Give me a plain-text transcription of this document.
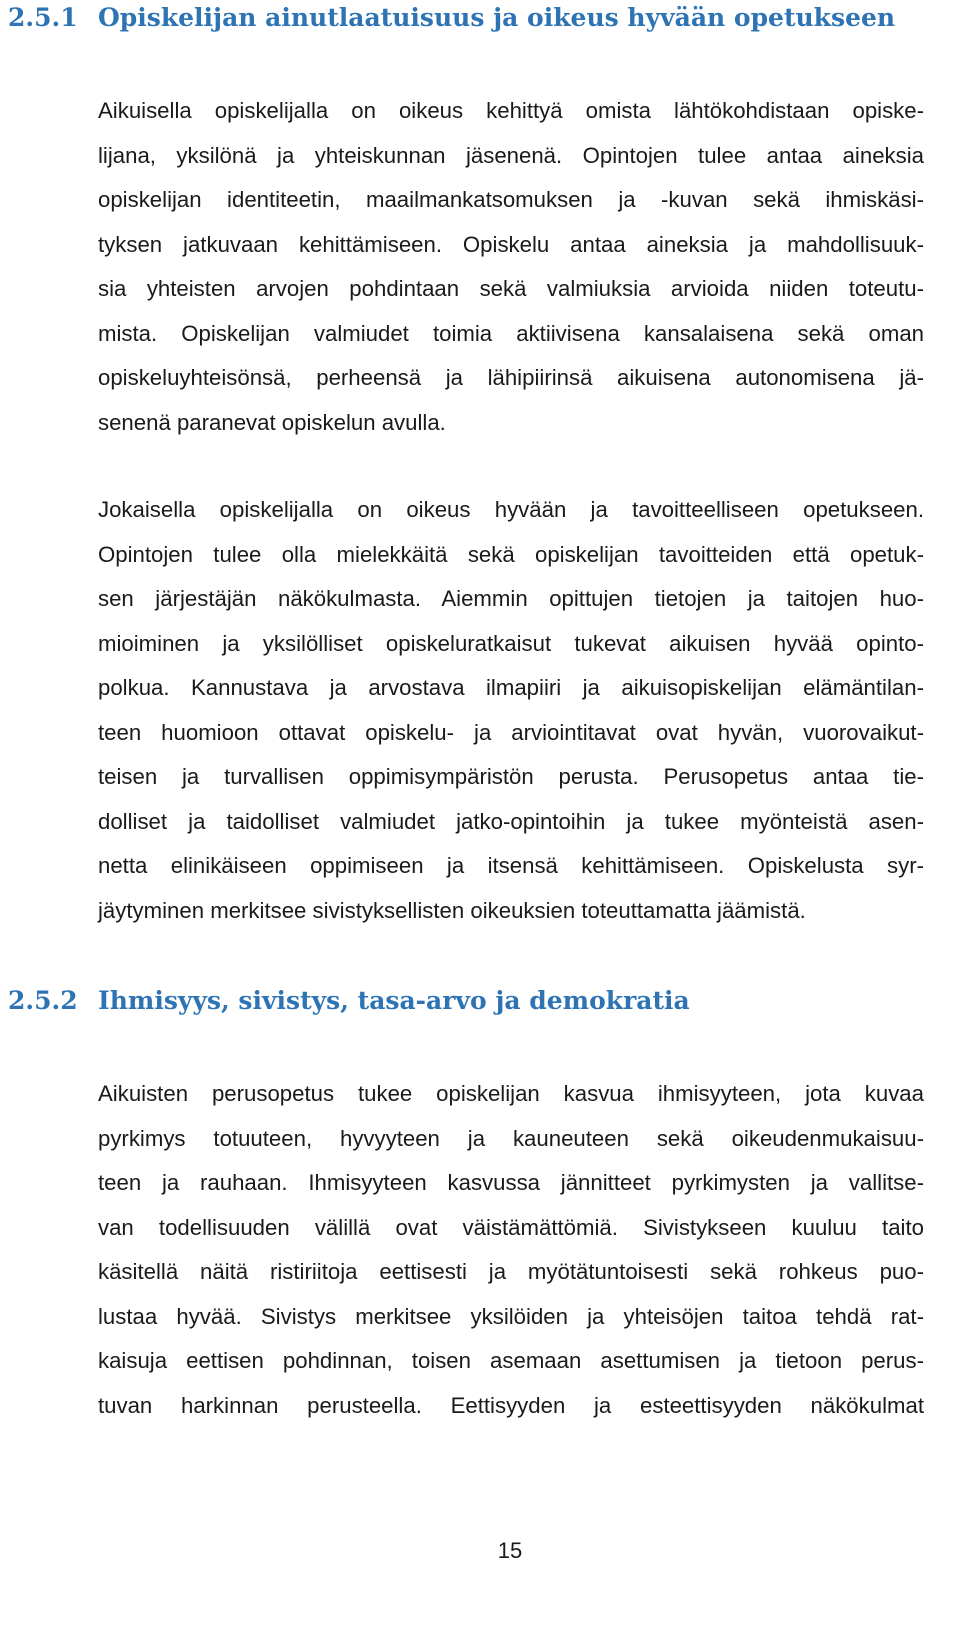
2.5.1 Opiskelijan ainutlaatuisuus ja oikeus hyvään opetukseen

Aikuisella opiskelijalla on oikeus kehittyä omista lähtökohdistaan opiske-
lijana, yksilönä ja yhteiskunnan jäsenenä. Opintojen tulee antaa aineksia
opiskelijan identiteetin, maailmankatsomuksen ja -kuvan sekä ihmiskäsi-
tyksen jatkuvaan kehittämiseen. Opiskelu antaa aineksia ja mahdollisuuk-
sia yhteisten arvojen pohdintaan sekä valmiuksia arvioida niiden toteutu-
mista. Opiskelijan valmiudet toimia aktiivisena kansalaisena sekä oman
opiskeluyhteisönsä, perheensä ja lähipiirinsä aikuisena autonomisena jä-
senenä paranevat opiskelun avulla.

Jokaisella opiskelijalla on oikeus hyvään ja tavoitteelliseen opetukseen.
Opintojen tulee olla mielekkäitä sekä opiskelijan tavoitteiden että opetuk-
sen järjestäjän näkökulmasta. Aiemmin opittujen tietojen ja taitojen huo-
mioiminen ja yksilölliset opiskeluratkaisut tukevat aikuisen hyvää opinto-
polkua. Kannustava ja arvostava ilmapiiri ja aikuisopiskelijan elämäntilan-
teen huomioon ottavat opiskelu- ja arviointitavat ovat hyvän, vuorovaikut-
teisen ja turvallisen oppimisympäristön perusta. Perusopetus antaa tie-
dolliset ja taidolliset valmiudet jatko-opintoihin ja tukee myönteistä asen-
netta elinikäiseen oppimiseen ja itsensä kehittämiseen. Opiskelusta syr-
jäytyminen merkitsee sivistyksellisten oikeuksien toteuttamatta jäämistä.

2.5.2 Ihmisyys, sivistys, tasa-arvo ja demokratia

Aikuisten perusopetus tukee opiskelijan kasvua ihmisyyteen, jota kuvaa
pyrkimys totuuteen, hyvyyteen ja kauneuteen sekä oikeudenmukaisuu-
teen ja rauhaan. Ihmisyyteen kasvussa jännitteet pyrkimysten ja vallitse-
van todellisuuden välillä ovat väistämättömiä. Sivistykseen kuuluu taito
käsitellä näitä ristiriitoja eettisesti ja myötätuntoisesti sekä rohkeus puo-
lustaa hyvää. Sivistys merkitsee yksilöiden ja yhteisöjen taitoa tehdä rat-
kaisuja eettisen pohdinnan, toisen asemaan asettumisen ja tietoon perus-
tuvan harkinnan perusteella. Eettisyyden ja esteettisyyden näkökulmat

15
